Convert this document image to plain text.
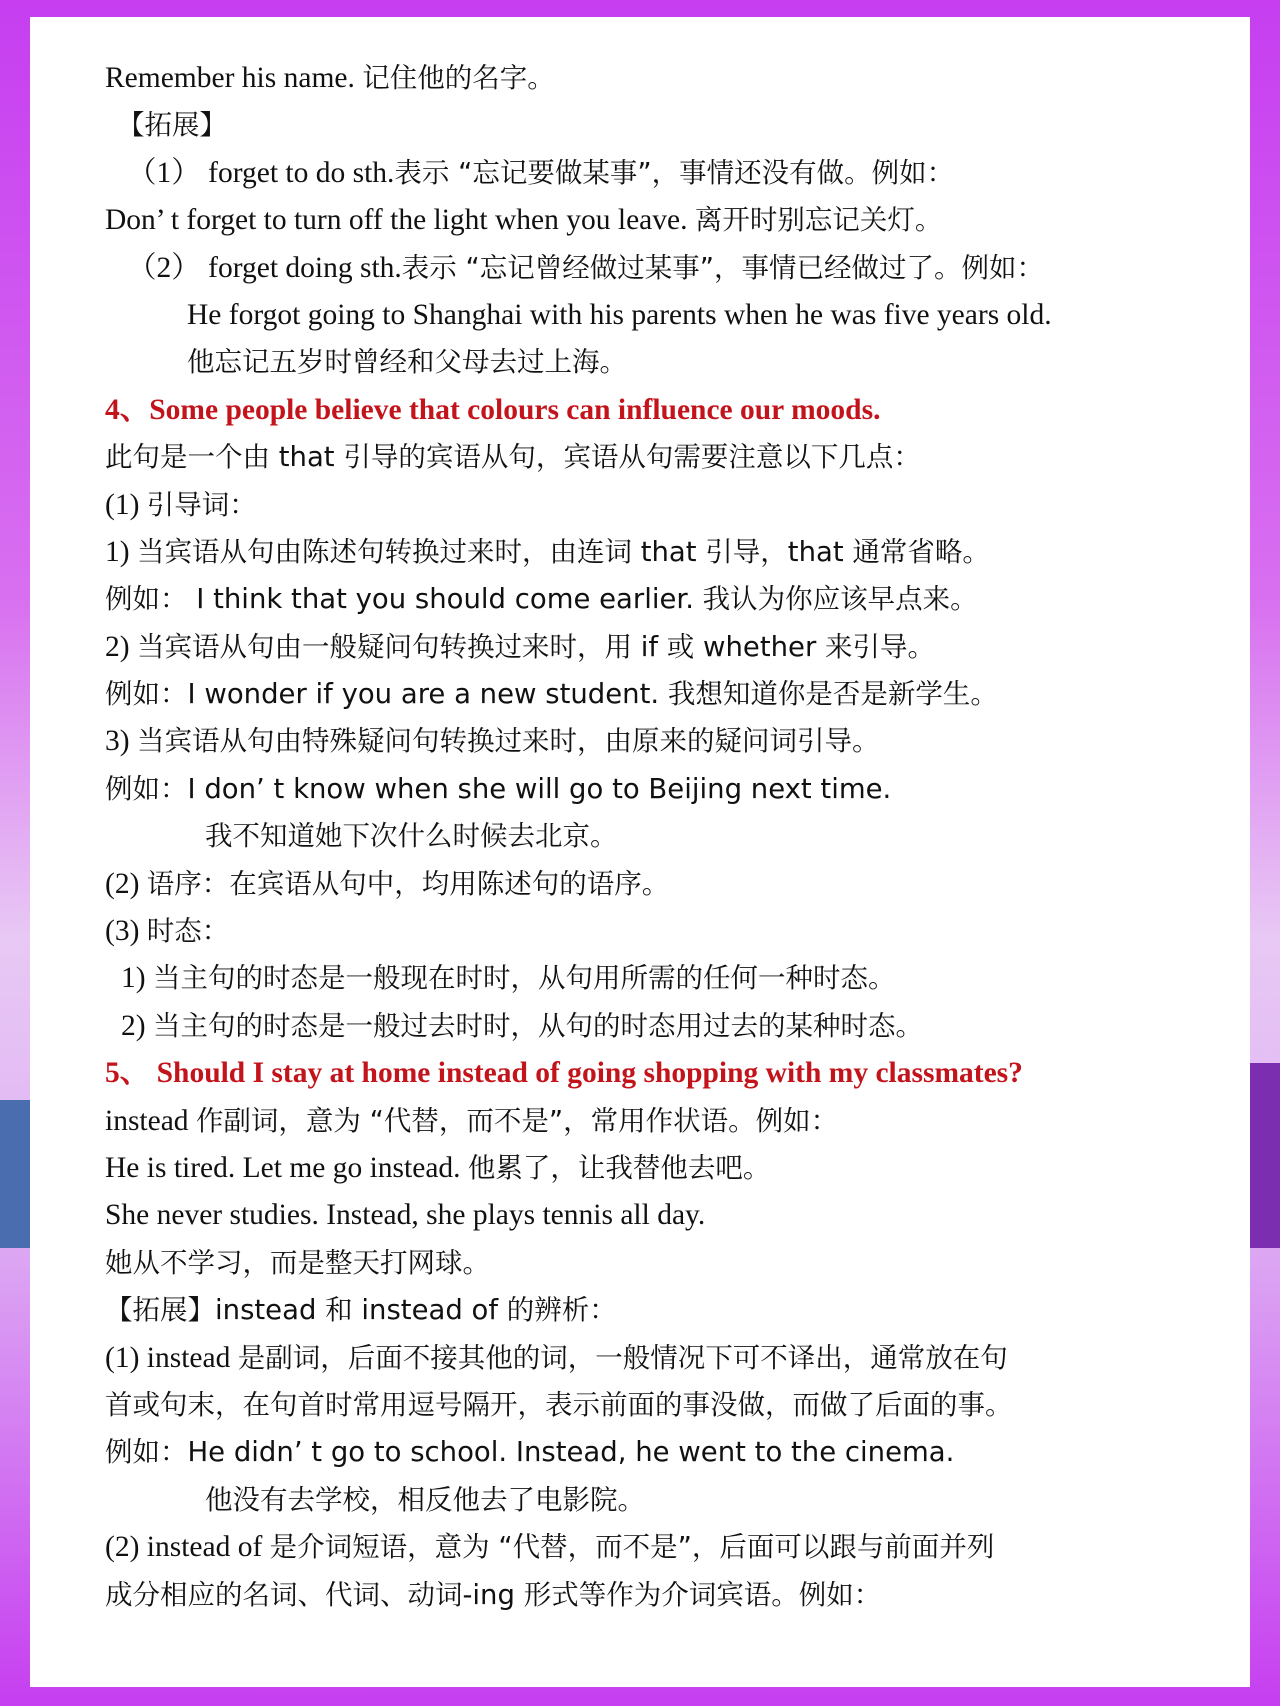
Remember his name. 记住他的名字。
【拓展】
（1） forget to do sth.表示 “忘记要做某事”，事情还没有做。例如：
Don’ t forget to turn off the light when you leave. 离开时别忘记关灯。
（2） forget doing sth.表示 “忘记曾经做过某事”，事情已经做过了。例如：
He forgot going to Shanghai with his parents when he was five years old.
他忘记五岁时曾经和父母去过上海。
4、Some people believe that colours can influence our moods.
此句是一个由 that 引导的宾语从句，宾语从句需要注意以下几点：
(1) 引导词：
1) 当宾语从句由陈述句转换过来时，由连词 that 引导，that 通常省略。
例如： I think that you should come earlier. 我认为你应该早点来。
2) 当宾语从句由一般疑问句转换过来时，用 if 或 whether 来引导。
例如：I wonder if you are a new student. 我想知道你是否是新学生。
3) 当宾语从句由特殊疑问句转换过来时，由原来的疑问词引导。
例如：I don’ t know when she will go to Beijing next time.
我不知道她下次什么时候去北京。
(2) 语序：在宾语从句中，均用陈述句的语序。
(3) 时态：
1) 当主句的时态是一般现在时时，从句用所需的任何一种时态。
2) 当主句的时态是一般过去时时，从句的时态用过去的某种时态。
5、 Should I stay at home instead of going shopping with my classmates?
instead 作副词，意为 “代替，而不是”，常用作状语。例如：
He is tired. Let me go instead. 他累了，让我替他去吧。
She never studies. Instead, she plays tennis all day.
她从不学习，而是整天打网球。
【拓展】instead 和 instead of 的辨析：
(1) instead 是副词，后面不接其他的词，一般情况下可不译出，通常放在句
首或句末，在句首时常用逗号隔开，表示前面的事没做，而做了后面的事。
例如：He didn’ t go to school. Instead, he went to the cinema.
他没有去学校，相反他去了电影院。
(2) instead of 是介词短语，意为 “代替，而不是”，后面可以跟与前面并列
成分相应的名词、代词、动词-ing 形式等作为介词宾语。例如：
